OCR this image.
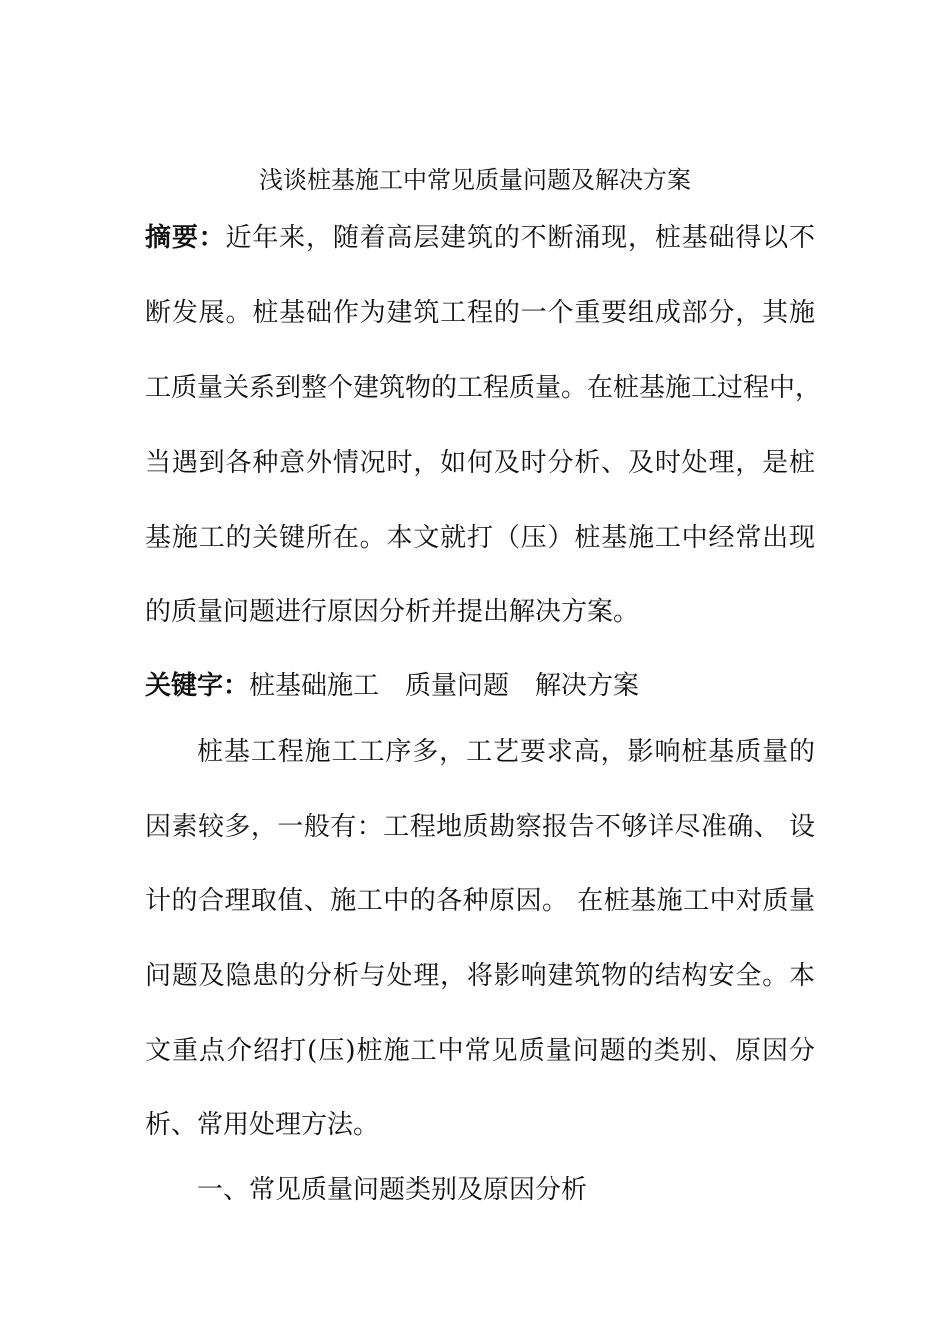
浅谈桩基施工中常见质量问题及解决方案
摘要：近年来，随着高层建筑的不断涌现，桩基础得以不
断发展。桩基础作为建筑工程的一个重要组成部分，其施
工质量关系到整个建筑物的工程质量。在桩基施工过程中，
当遇到各种意外情况时，如何及时分析、及时处理，是桩
基施工的关键所在。本文就打（压）桩基施工中经常出现
的质量问题进行原因分析并提出解决方案。
关键字：桩基础施工 质量问题 解决方案
桩基工程施工工序多，工艺要求高，影响桩基质量的
因素较多，一般有：工程地质勘察报告不够详尽准确、 设
计的合理取值、施工中的各种原因。 在桩基施工中对质量
问题及隐患的分析与处理，将影响建筑物的结构安全。本
文重点介绍打(压)桩施工中常见质量问题的类别、原因分
析、常用处理方法。
一、常见质量问题类别及原因分析
